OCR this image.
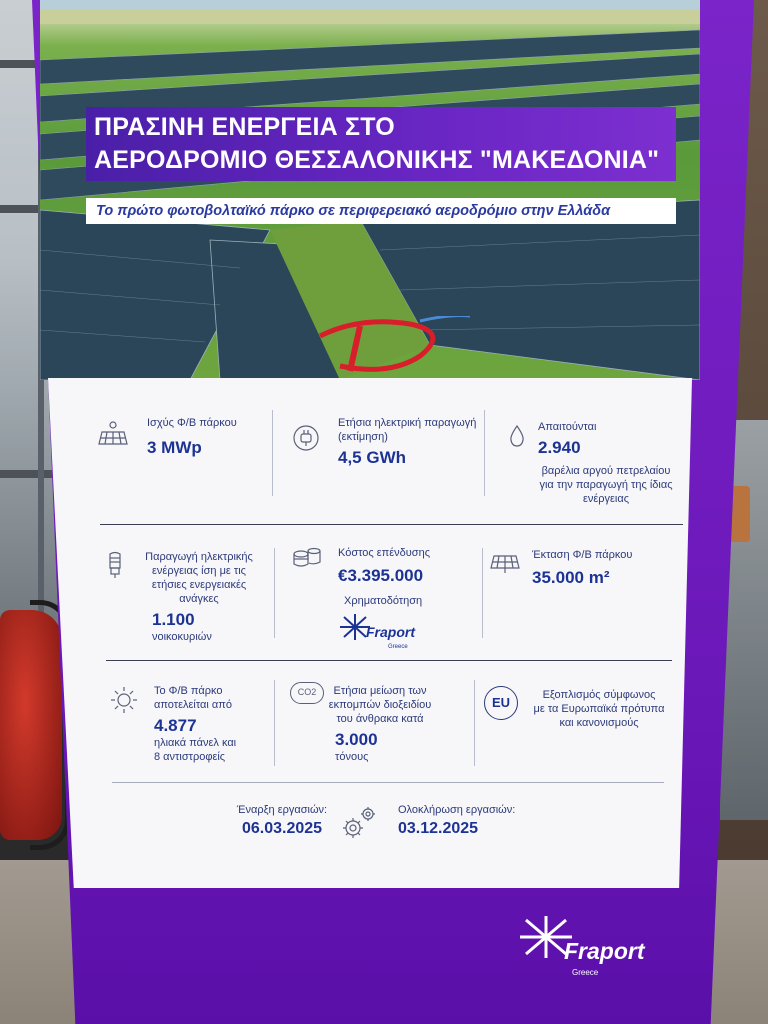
ΠΡΑΣΙΝΗ ΕΝΕΡΓΕΙΑ ΣΤΟ
ΑΕΡΟΔΡΟΜΙΟ ΘΕΣΣΑΛΟΝΙΚΗΣ "ΜΑΚΕΔΟΝΙΑ"
Το πρώτο φωτοβολταϊκό πάρκο σε περιφερειακό αεροδρόμιο στην Ελλάδα
Ισχύς Φ/Β πάρκου
3 MWp
Ετήσια ηλεκτρική παραγωγή
(εκτίμηση)
4,5 GWh
Απαιτούνται
2.940
βαρέλια αργού πετρελαίου
για την παραγωγή της ίδιας
ενέργειας
Παραγωγή ηλεκτρικής
ενέργειας ίση με τις
ετήσιες ενεργειακές
ανάγκες
1.100
νοικοκυριών
Κόστος επένδυσης
€3.395.000
Χρηματοδότηση
Fraport
Greece
Έκταση Φ/Β πάρκου
35.000 m²
Το Φ/Β πάρκο
αποτελείται από
4.877
ηλιακά πάνελ και
8 αντιστροφείς
CO2	Ετήσια μείωση των
εκπομπών διοξειδίου
του άνθρακα κατά
3.000
τόνους
EU	Εξοπλισμός σύμφωνος
με τα Ευρωπαϊκά πρότυπα
και κανονισμούς
Έναρξη εργασιών:
06.03.2025
Ολοκλήρωση εργασιών:
03.12.2025
Fraport
Greece
